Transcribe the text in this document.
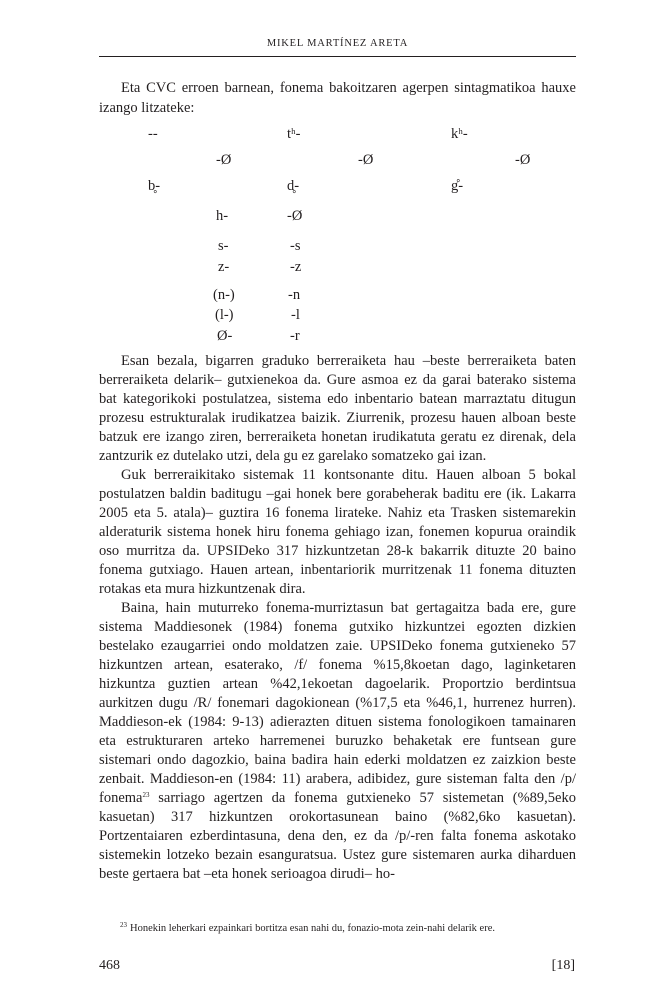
MIKEL MARTÍNEZ ARETA

Eta CVC erroen barnean, fonema bakoitzaren agerpen sintagmatikoa hauxe izango litzateke:

--	tʰ-	kʰ-
-Ø	-Ø	-Ø
b̥-	d̥-	g̊-
h-	-Ø
s-	-s
z-	-z
(n-)	-n
(l-)	-l
Ø-	-r

Esan bezala, bigarren graduko berreraiketa hau –beste berreraiketa baten berreraiketa delarik– gutxienekoa da. Gure asmoa ez da garai baterako sistema bat kategorikoki postulatzea, sistema edo inbentario batean marraztatu ditugun prozesu estrukturalak irudikatzea baizik. Ziurrenik, prozesu hauen alboan beste batzuk ere izango ziren, berreraiketa honetan irudikatuta geratu ez direnak, dela zantzurik ez dutelako utzi, dela gu ez garelako somatzeko gai izan.

Guk berreraikitako sistemak 11 kontsonante ditu. Hauen alboan 5 bokal postulatzen baldin baditugu –gai honek bere gorabeherak baditu ere (ik. Lakarra 2005 eta 5. atala)– guztira 16 fonema lirateke. Nahiz eta Trasken sistemarekin alderaturik sistema honek hiru fonema gehiago izan, fonemen kopurua oraindik oso murritza da. UPSIDeko 317 hizkuntzetan 28-k bakarrik dituzte 20 baino fonema gutxiago. Hauen artean, inbentariorik murritzenak 11 fonema dituzten rotakas eta mura hizkuntzenak dira.

Baina, hain muturreko fonema-murriztasun bat gertagaitza bada ere, gure sistema Maddiesonek (1984) fonema gutxiko hizkuntzei egozten dizkien bestelako ezaugarriei ondo moldatzen zaie. UPSIDeko fonema gutxieneko 57 hizkuntzen artean, esaterako, /f/ fonema %15,8koetan dago, laginketaren hizkuntza guztien artean %42,1ekoetan dagoelarik. Proportzio berdintsua aurkitzen dugu /R/ fonemari dagokionean (%17,5 eta %46,1, hurrenez hurren). Maddieson-ek (1984: 9-13) adierazten dituen sistema fonologikoen tamainaren eta estrukturaren arteko harremenei buruzko behaketak ere funtsean gure sistemari ondo dagozkio, baina badira hain ederki moldatzen ez zaizkion beste zenbait. Maddieson-en (1984: 11) arabera, adibidez, gure sisteman falta den /p/ fonema$^{23}$ sarriago agertzen da fonema gutxieneko 57 sistemetan (%89,5eko kasuetan) 317 hizkuntzen orokortasunean baino (%82,6ko kasuetan). Portzentaiaren ezberdintasuna, dena den, ez da /p/-ren falta fonema askotako sistemekin lotzeko bezain esanguratsua. Ustez gure sistemaren aurka diharduen beste gertaera bat –eta honek serioagoa dirudi– ho-

$^{23}$ Honekin leherkari ezpainkari bortitza esan nahi du, fonazio-mota zein-nahi delarik ere.
468	[18]
